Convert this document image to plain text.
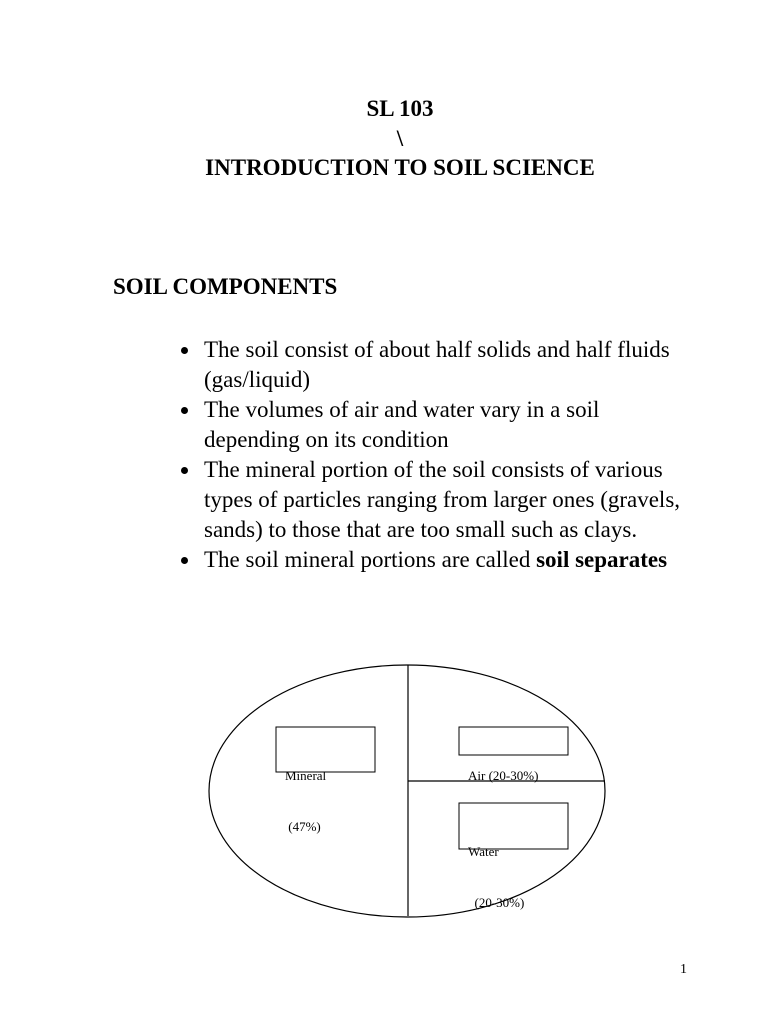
SL 103
\
INTRODUCTION TO SOIL SCIENCE
SOIL COMPONENTS
The soil consist of about half solids and half fluids (gas/liquid)
The volumes of air and water vary in a soil depending on its condition
The mineral portion of the soil consists of various types of particles ranging from larger ones (gravels, sands) to those that are too small such as clays.
The soil mineral portions are called soil separates

Mineral

(47%)

Air (20-30%)

Water

(20-30%)

1
